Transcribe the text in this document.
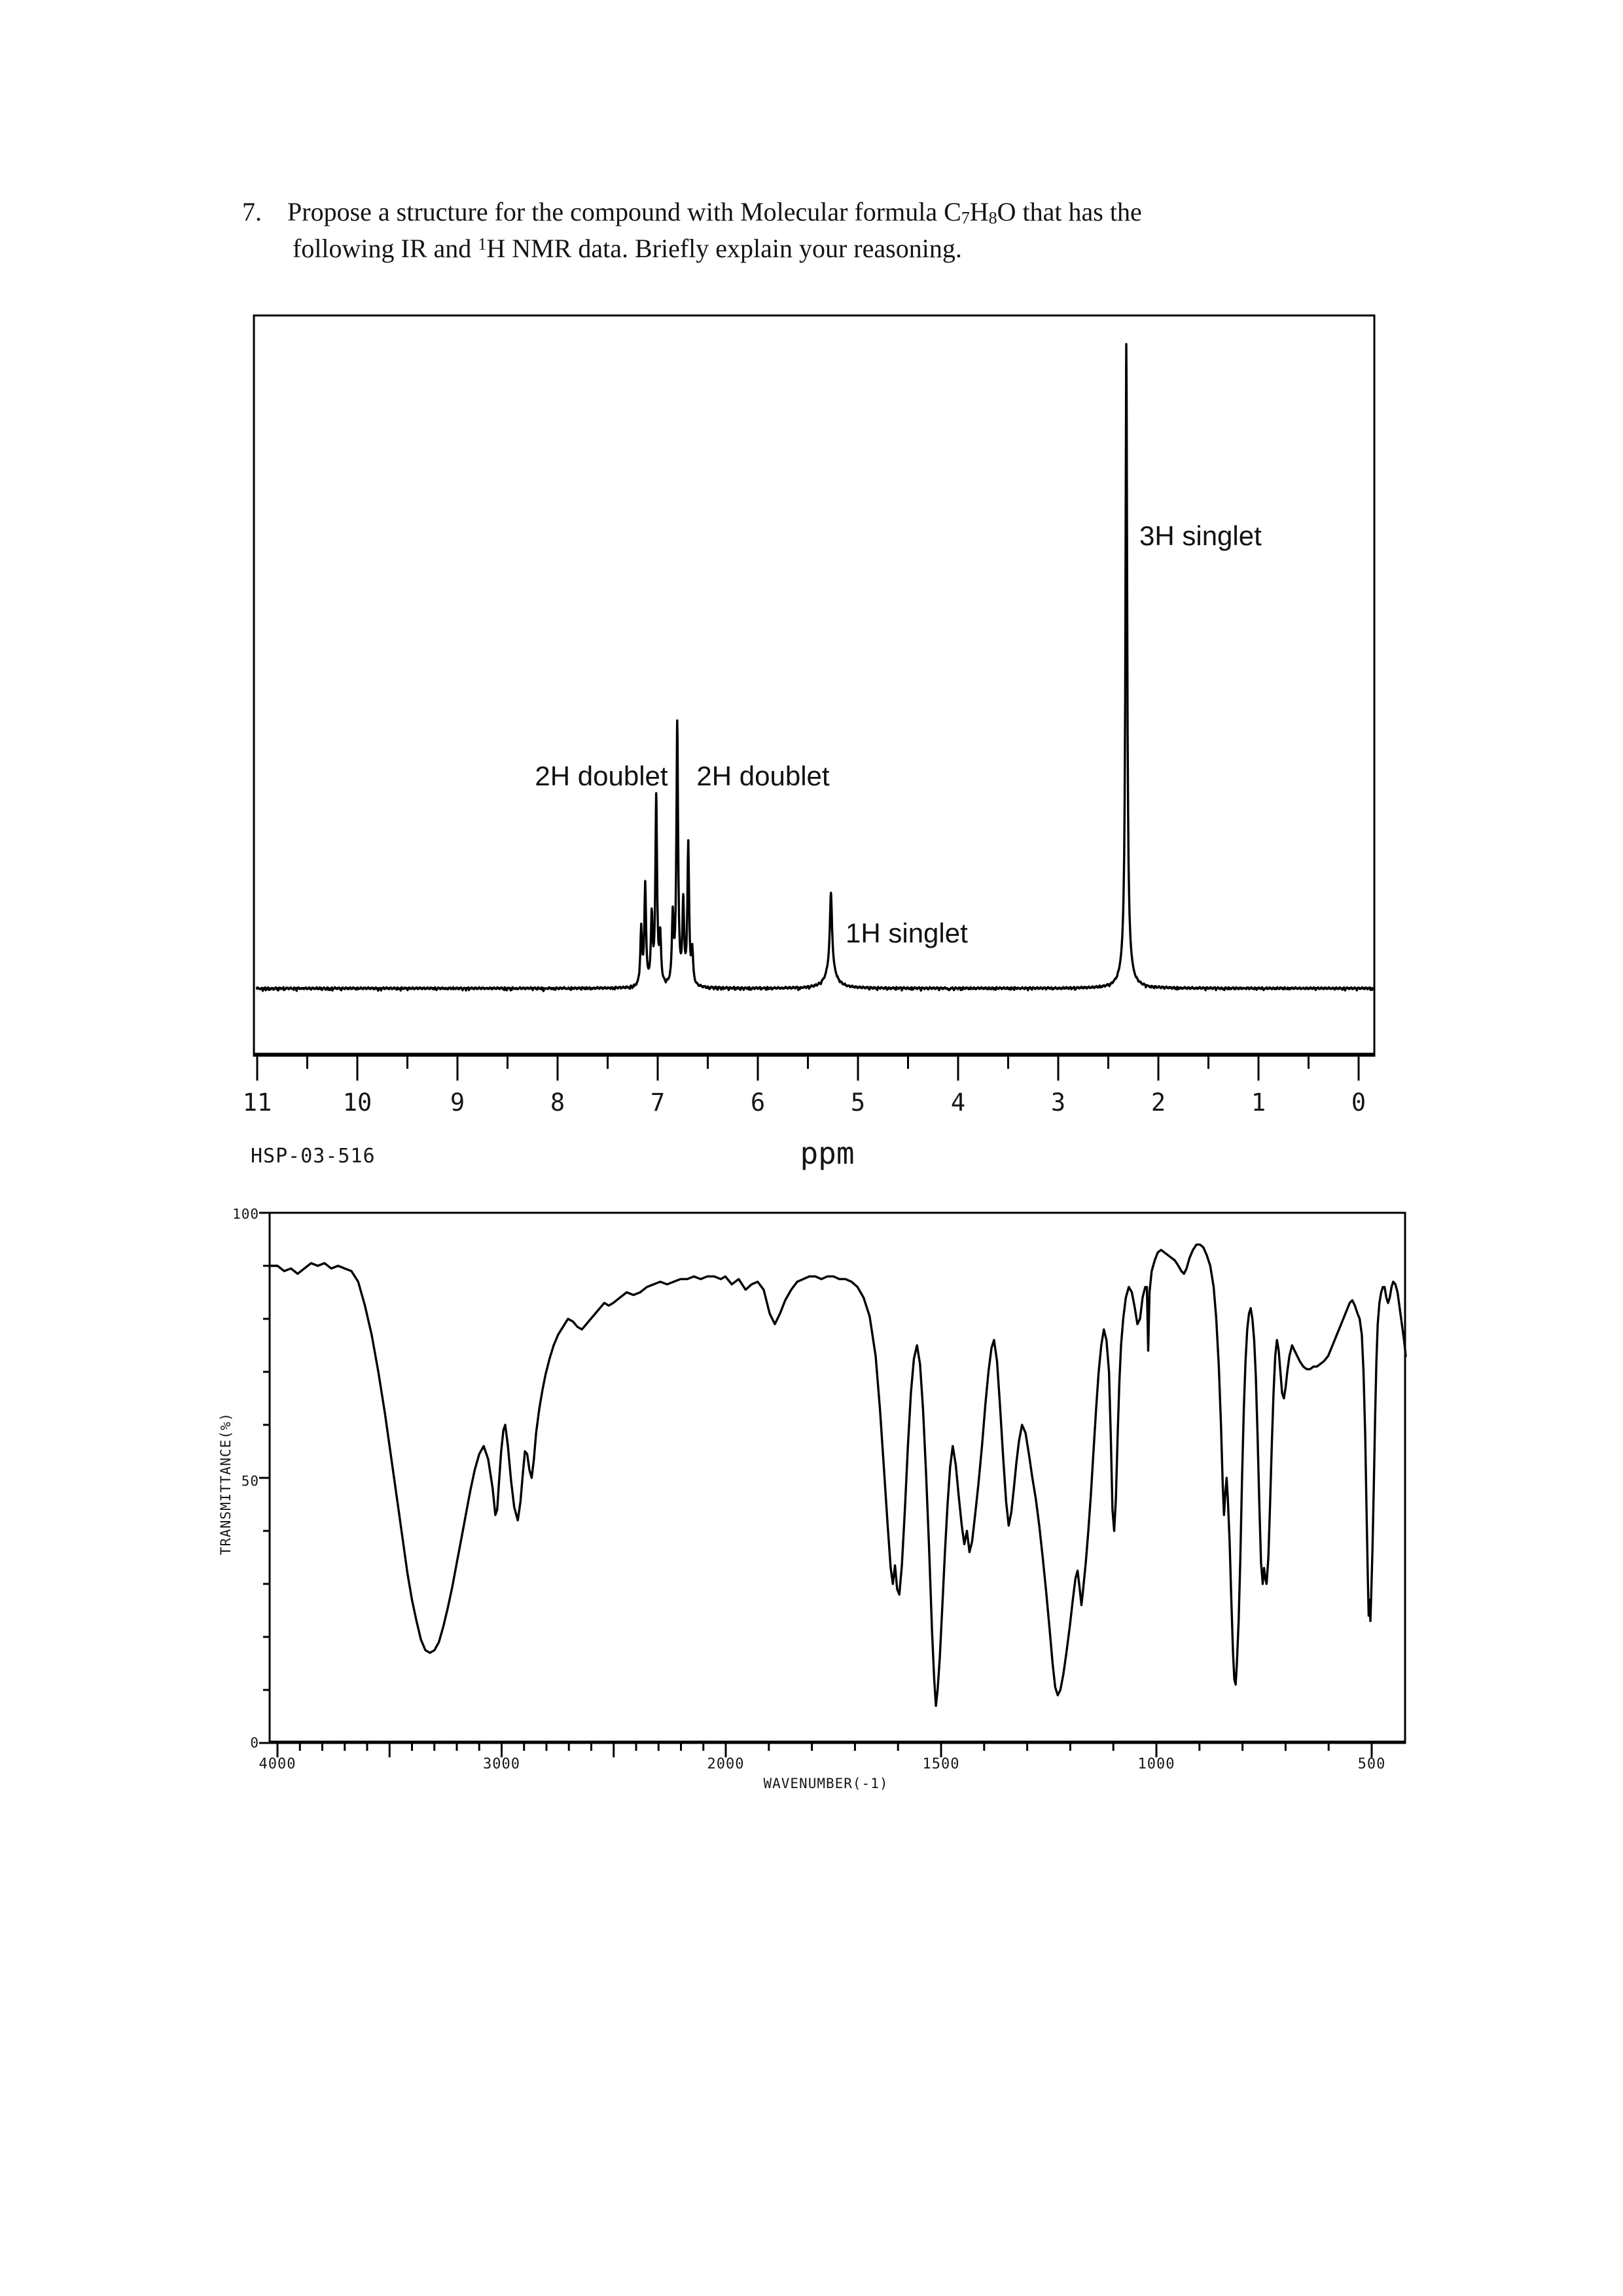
7. Propose a structure for the compound with Molecular formula C7H8O that has the
following IR and $^1$H NMR data. Briefly explain your reasoning.
11	10	9	8	7	6	5	4	3	2	1	0
2H doublet 2H doublet
1H singlet
3H singlet
ppm
HSP-03-516
100
50
0
4000	3000	2000	1500	1000	500
WAVENUMBER(-1)
TRANSMITTANCE(%)
